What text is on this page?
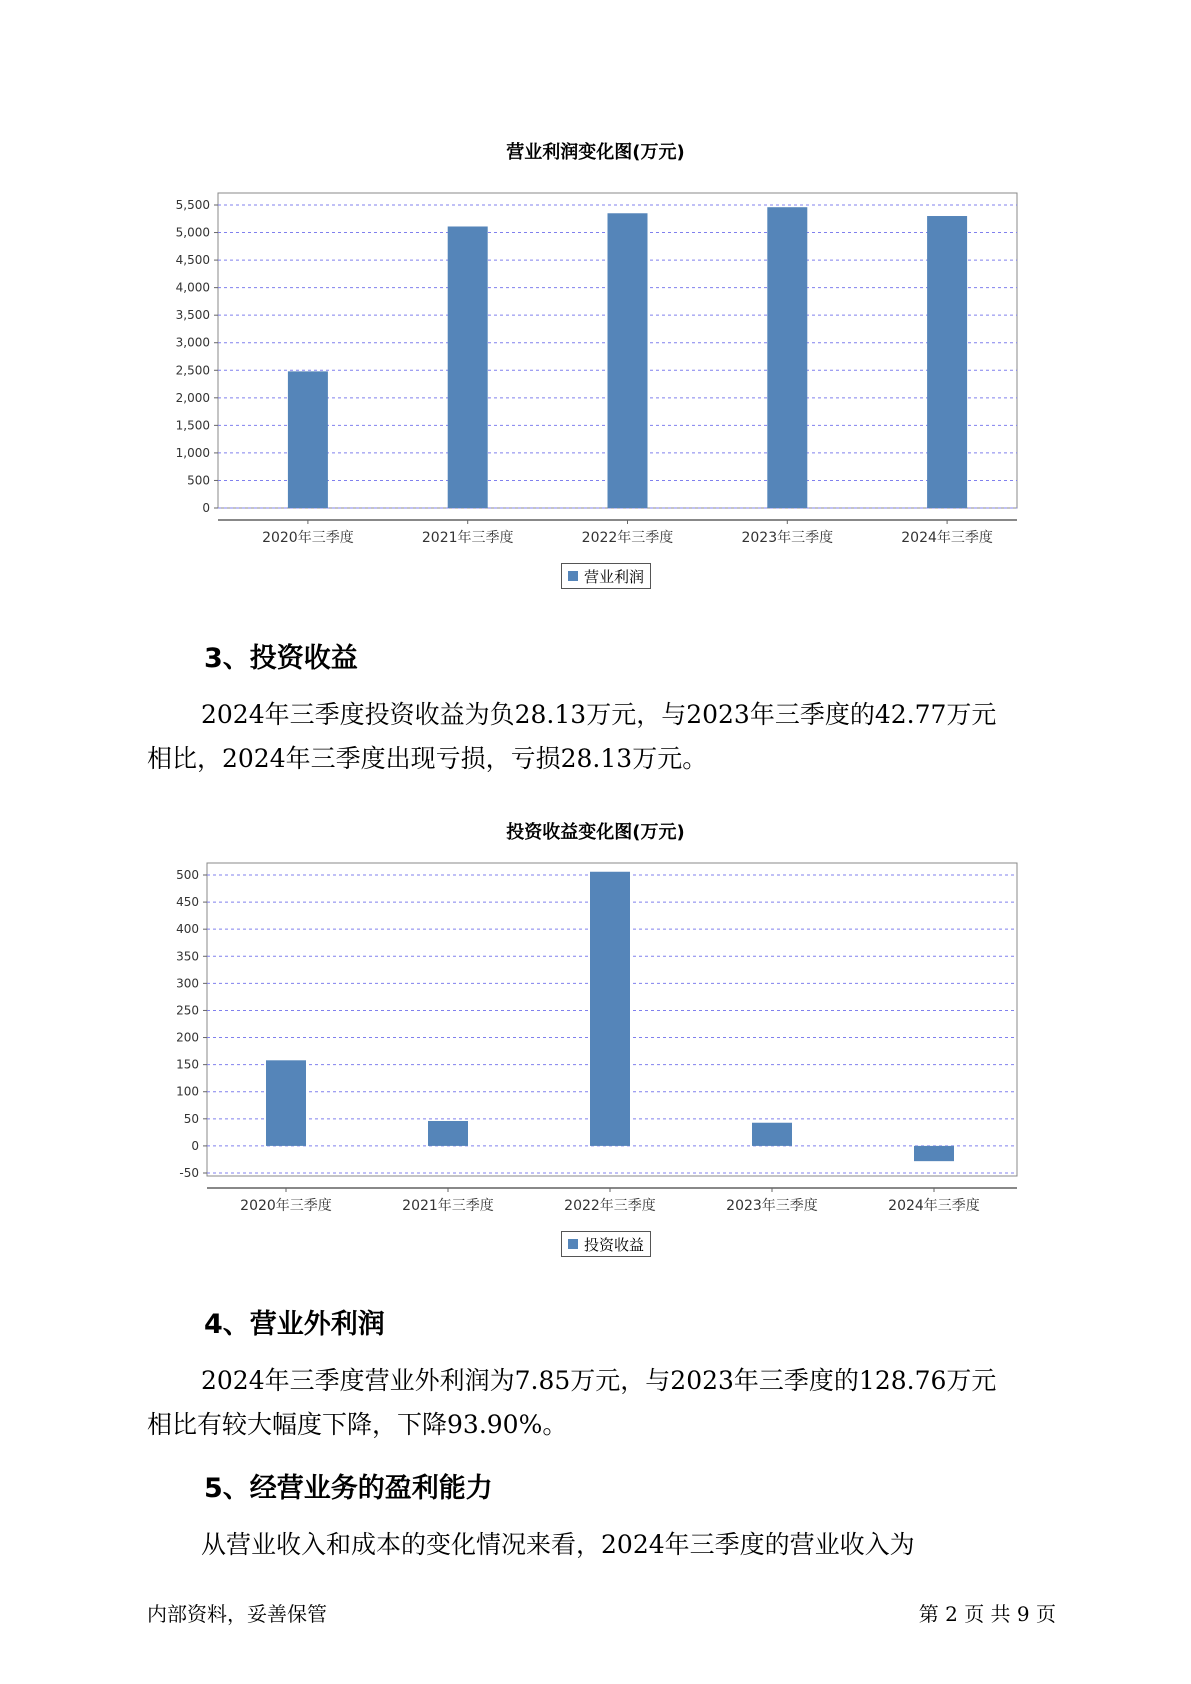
营业利润变化图(万元)
0
500
1,000
1,500
2,000
2,500
3,000
3,500
4,000
4,500
5,000
5,500
2020年三季度	2021年三季度	2022年三季度	2023年三季度	2024年三季度
营业利润
3、投资收益
2024年三季度投资收益为负28.13万元，与2023年三季度的42.77万元
相比，2024年三季度出现亏损，亏损28.13万元。
投资收益变化图(万元)
-50
0
50
100
150
200
250
300
350
400
450
500
2020年三季度	2021年三季度	2022年三季度	2023年三季度	2024年三季度
投资收益
4、营业外利润
2024年三季度营业外利润为7.85万元，与2023年三季度的128.76万元
相比有较大幅度下降，下降93.90%。
5、经营业务的盈利能力
从营业收入和成本的变化情况来看，2024年三季度的营业收入为
内部资料，妥善保管	第 2 页 共 9 页
